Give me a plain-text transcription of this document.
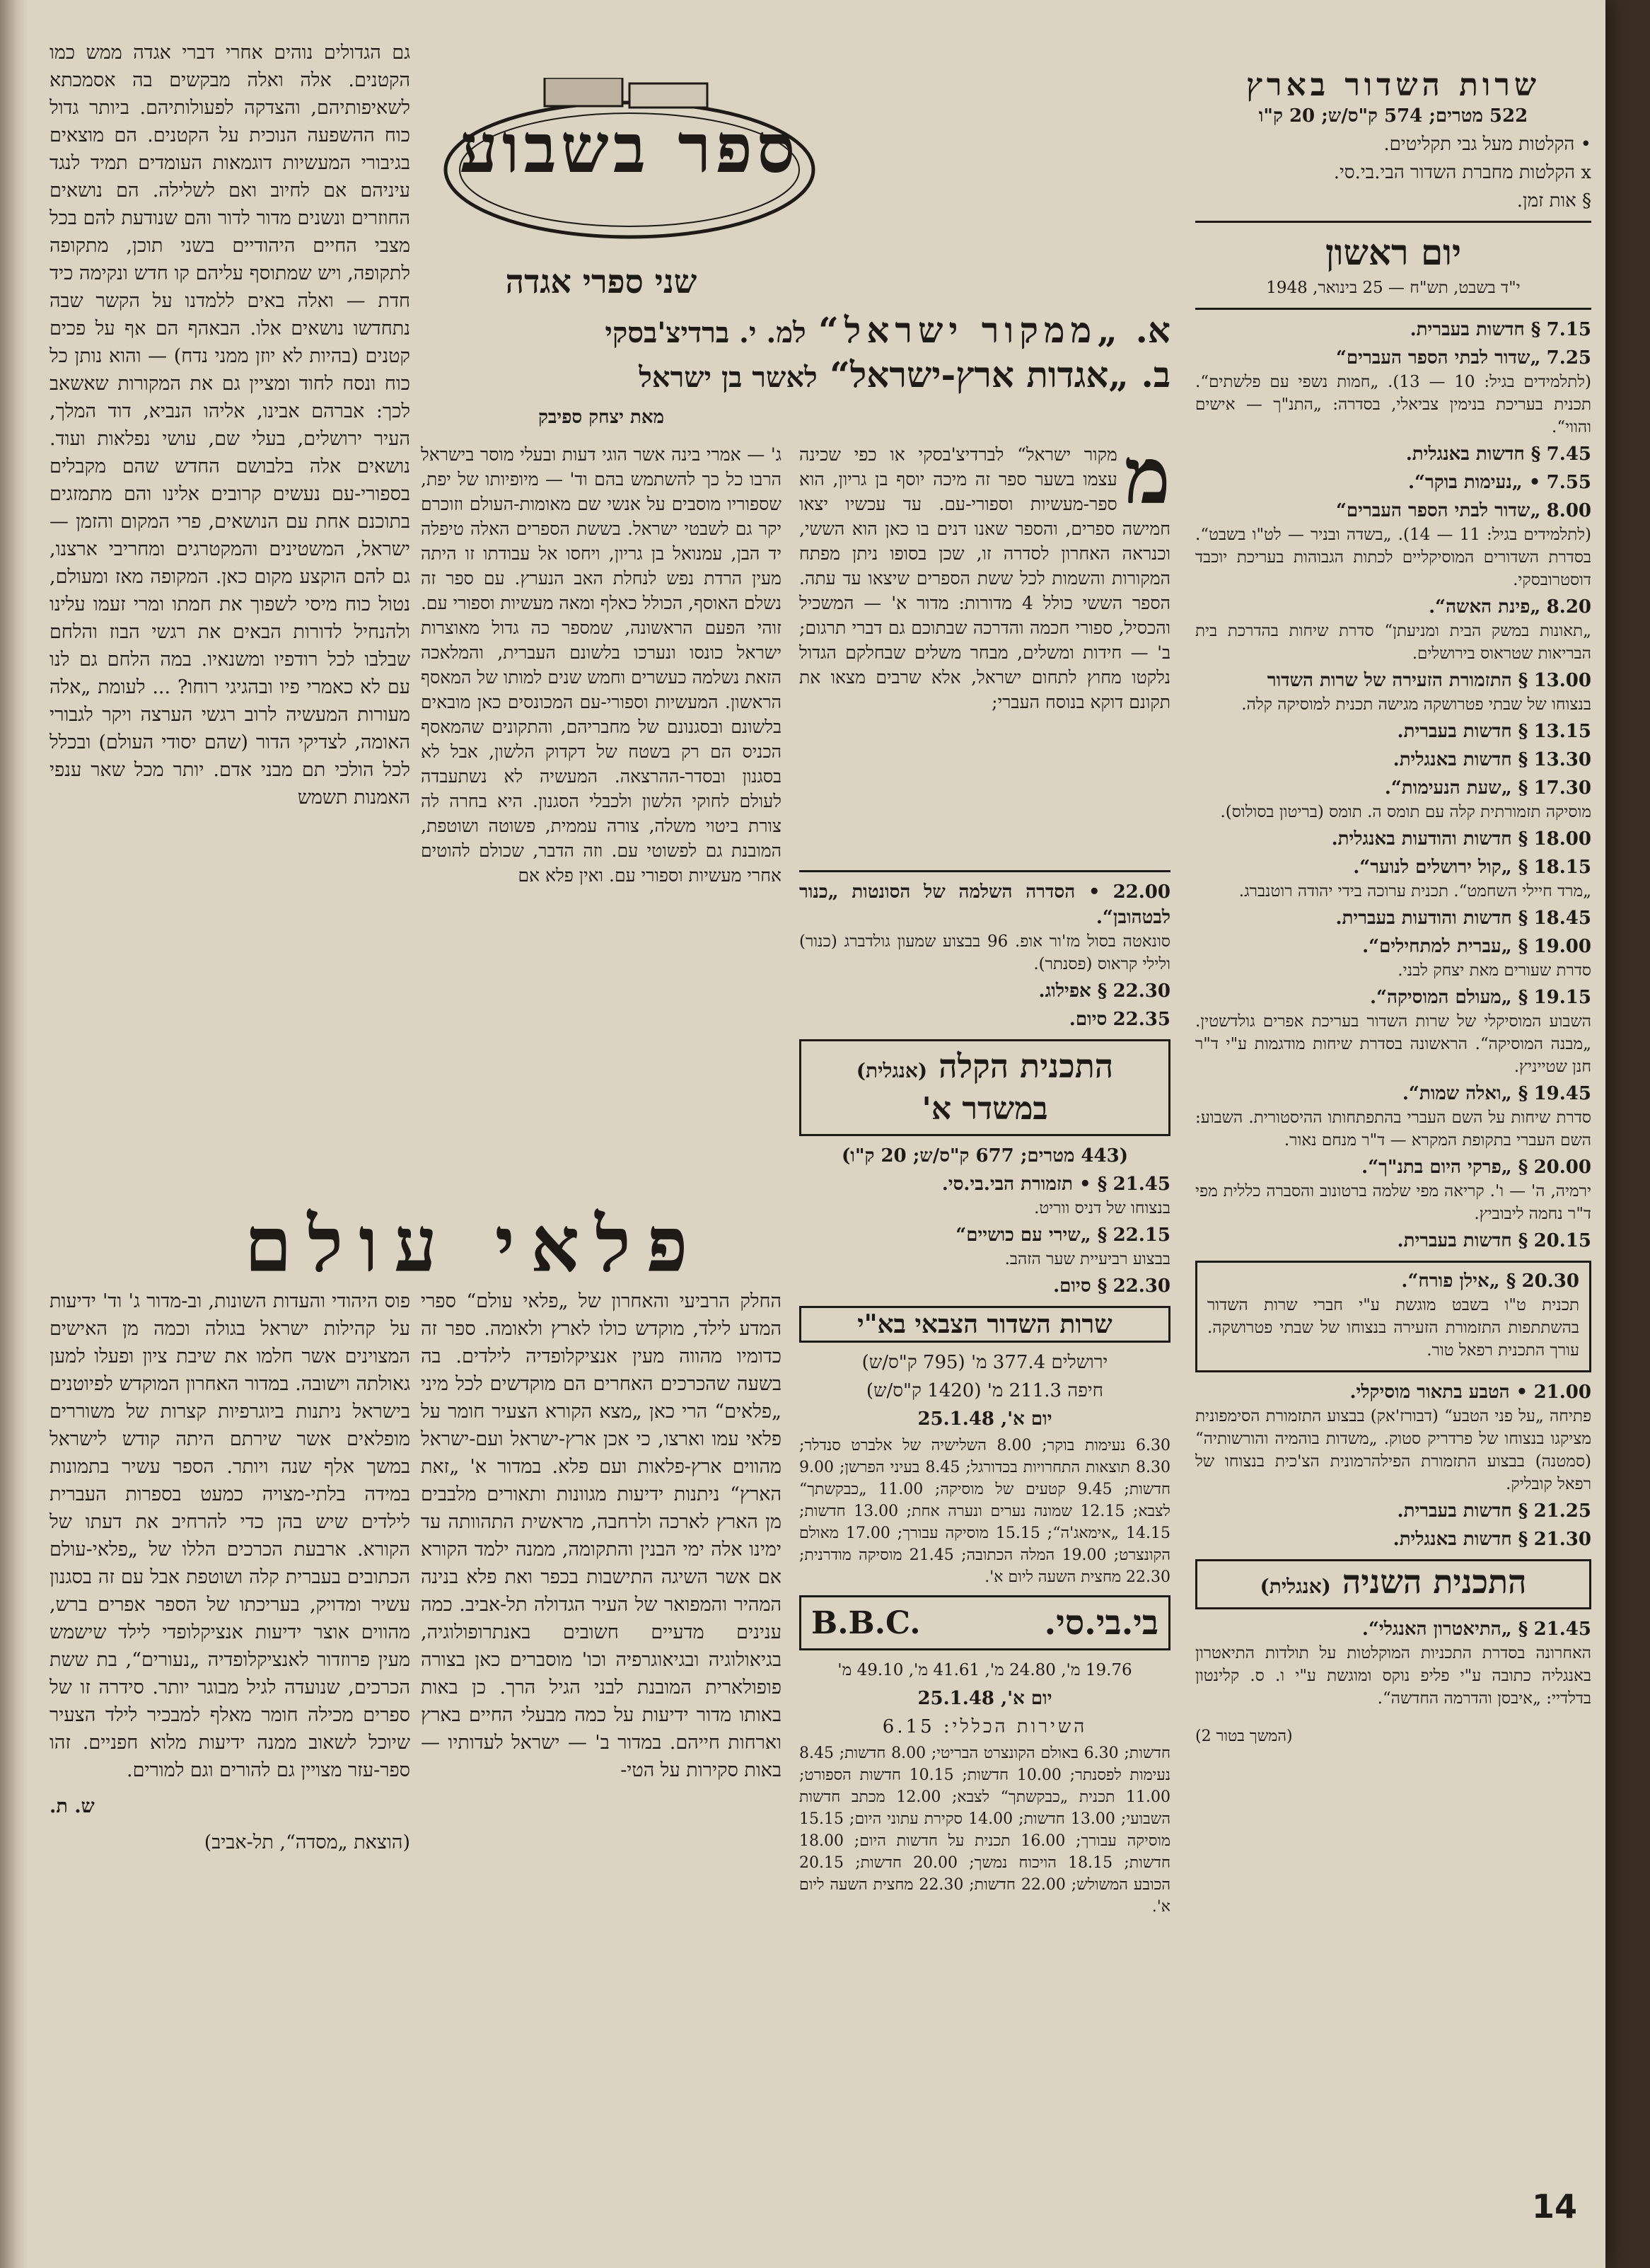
גם הגדולים נוהים אחרי דברי אגדה ממש כמו הקטנים. אלה ואלה מבקשים בה אסמכתא לשאיפותיהם, והצדקה לפעולותיהם. ביותר גדול כוח ההשפעה הנוכית על הקטנים. הם מוצאים בגיבורי המעשיות דוגמאות העומדים תמיד לנגד עיניהם אם לחיוב ואם לשלילה. הם נושאים החוזרים ונשנים מדור לדור והם שנודעת להם בכל מצבי החיים היהודיים בשני תוכן, מתקופה לתקופה, ויש שמתוסף עליהם קו חדש ונקימה כיד חדת — ואלה באים ללמדנו על הקשר שבה נתחדשו נושאים אלו. הבאהף הם אף על פכים קטנים (בהיות לא יוזן ממני נדח) — והוא נותן כל כוח ונסח לחוד ומציין גם את המקורות שאשאב לכך: אברהם אבינו, אליהו הנביא, דוד המלך, העיר ירושלים, בעלי שם, עושי נפלאות ועוד. נושאים אלה בלבושם החדש שהם מקבלים בספורי-עם נעשים קרובים אלינו והם מתמזגים בתוכנם אחת עם הנושאים, פרי המקום והזמן — ישראל, המשטינים והמקטרגים ומחריבי ארצנו, גם להם הוקצע מקום כאן. המקופה מאז ומעולם, נטול כוח מיסי לשפוך את חמתו ומרי זעמו עלינו ולהנחיל לדורות הבאים את רגשי הבוז והלחם שבלבו לכל רודפיו ומשנאיו. במה הלחם גם לנו עם לא כאמרי פיו ובהגיגי רוחו? ... לעומת „אלה מעורות המעשיה לרוב רגשי הערצה ויקר לגבורי האומה, לצדיקי הדור (שהם יסודי העולם) ובכלל לכל הולכי תם מבני אדם. יותר מכל שאר ענפי האמנות תשמש

ספר בשבוע
שני ספרי אגדה
א. „ממקור ישראל“ למ. י. ברדיצ'בסקי
ב. „אגדות ארץ-ישראל“ לאשר בן ישראל
מאת יצחק ספיבק

ג' — אמרי בינה אשר הוגי דעות ובעלי מוסר בישראל הרבו כל כך להשתמש בהם וד' — מיופיותו של יפת, שספוריו מוסבים על אנשי שם מאומות-העולם וזוכרם יקר גם לשבטי ישראל. בששת הספרים האלה טיפלה יד הבן, עמנואל בן גריון, ויחסו אל עבודתו זו היתה מעין הרדת נפש לנחלת האב הנערץ. עם ספר זה נשלם האוסף, הכולל כאלף ומאה מעשיות וספורי עם. זוהי הפעם הראשונה, שמספר כה גדול מאוצרות ישראל כונסו ונערכו בלשונם העברית, והמלאכה הזאת נשלמה כעשרים וחמש שנים למותו של המאסף הראשון. המעשיות וספורי-עם המכונסים כאן מובאים בלשונם ובסגנונם של מחבריהם, והתקונים שהמאסף הכניס הם רק בשטח של דקדוק הלשון, אבל לא בסגנון ובסדר-ההרצאה. המעשיה לא נשתעבדה לעולם לחוקי הלשון ולכבלי הסגנון. היא בחרה לה צורת ביטוי משלה, צורה עממית, פשוטה ושוטפת, המובנת גם לפשוטי עם. וזה הדבר, שכולם להוטים אחרי מעשיות וספורי עם. ואין פלא אם

מ
מקור ישראל“ לברדיצ'בסקי או כפי שכינה עצמו בשער ספר זה מיכה יוסף בן גריון, הוא ספר-מעשיות וספורי-עם. עד עכשיו יצאו חמישה ספרים, והספר שאנו דנים בו כאן הוא הששי, וכנראה האחרון לסדרה זו, שכן בסופו ניתן מפתח המקורות והשמות לכל ששת הספרים שיצאו עד עתה. הספר הששי כולל 4 מדורות: מדור א' — המשכיל והכסיל, ספורי חכמה והדרכה שבתוכם גם דברי תרגום; ב' — חידות ומשלים, מבחר משלים שבחלקם הגדול נלקטו מחוץ לתחום ישראל, אלא שרבים מצאו את תקונם דוקא בנוסח העברי;

22.00 • הסדרה השלמה של הסונטות „כנור לבטהובן“.
סונאטה בסול מז'ור אופ. 96 בבצוע שמעון גולדברג (כנור) ולילי קראוס (פסנתר).
22.30 § אפילוג.
22.35 סיום.
התכנית הקלה (אנגלית)
במשדר א'
(443 מטרים; 677 ק"ס/ש; 20 ק"ו)
21.45 § • תזמורת הבי.בי.סי.
בנצוחו של דניס ווריט.
22.15 § „שירי עם כושיים“
בבצוע רביעיית שער הזהב.
22.30 § סיום.
שרות השדור הצבאי בא"י
ירושלים 377.4 מ' (795 ק"ס/ש)
חיפה 211.3 מ' (1420 ק"ס/ש)
יום א', 25.1.48
6.30 נעימות בוקר; 8.00 השלישיה של אלברט סנדלר; 8.30 תוצאות התחרויות בכדורגל; 8.45 בעיני הפרשן; 9.00 חדשות; 9.45 קטעים של מוסיקה; 11.00 „כבקשתך“ לצבא; 12.15 שמונה נערים ונערה אחת; 13.00 חדשות; 14.15 „אימאג'ה“; 15.15 מוסיקה עבורך; 17.00 מאולם הקונצרט; 19.00 המלה הכתובה; 21.45 מוסיקה מודרנית; 22.30 מחצית השעה ליום א'.
בי.בי.סי.
B.B.C.
19.76 מ', 24.80 מ', 41.61 מ', 49.10 מ'
יום א', 25.1.48
השירות הכללי: 6.15
חדשות; 6.30 באולם הקונצרט הבריטי; 8.00 חדשות; 8.45 נעימות לפסנתר; 10.00 חדשות; 10.15 חדשות הספורט; 11.00 תכנית „כבקשתך“ לצבא; 12.00 מכתב חדשות השבועי; 13.00 חדשות; 14.00 סקירת עתוני היום; 15.15 מוסיקה עבורך; 16.00 תכנית על חדשות היום; 18.00 חדשות; 18.15 הויכוח נמשך; 20.00 חדשות; 20.15 הכובע המשולש; 22.00 חדשות; 22.30 מחצית השעה ליום א'.
פלאי עולם

החלק הרביעי והאחרון של „פלאי עולם“ ספרי המדע לילד, מוקדש כולו לארץ ולאומה. ספר זה כדומיו מהווה מעין אנציקלופדיה לילדים. בה בשעה שהכרכים האחרים הם מוקדשים לכל מיני „פלאים“ הרי כאן „מצא הקורא הצעיר חומר על פלאי עמו וארצו, כי אכן ארץ-ישראל ועם-ישראל מהווים ארץ-פלאות ועם פלא. במדור א' „זאת הארץ“ ניתנות ידיעות מגוונות ותאורים מלבבים מן הארץ לארכה ולרחבה, מראשית התהוותה עד ימינו אלה ימי הבנין והתקומה, ממנה ילמד הקורא אם אשר השיגה התישבות בכפר ואת פלא בנינה המהיר והמפואר של העיר הגדולה תל-אביב. כמה ענינים מדעיים חשובים באנתרופולוגיה, בגיאולוגיה ובגיאוגרפיה וכו' מוסברים כאן בצורה פופולארית המובנת לבני הגיל הרך. כן באות באותו מדור ידיעות על כמה מבעלי החיים בארץ וארחות חייהם. במדור ב' — ישראל לעדותיו — באות סקירות על הטי-

פוס היהודי והעדות השונות, וב-מדור ג' וד' ידיעות על קהילות ישראל בגולה וכמה מן האישים המצוינים אשר חלמו את שיבת ציון ופעלו למען גאולתה וישובה. במדור האחרון המוקדש לפיוטנים בישראל ניתנות ביוגרפיות קצרות של משוררים מופלאים אשר שירתם היתה קודש לישראל במשך אלף שנה ויותר. הספר עשיר בתמונות במידה בלתי-מצויה כמעט בספרות העברית לילדים שיש בהן כדי להרחיב את דעתו של הקורא. ארבעת הכרכים הללו של „פלאי-עולם הכתובים בעברית קלה ושוטפת אבל עם זה בסגנון עשיר ומדויק, בעריכתו של הספר אפרים ברש, מהווים אוצר ידיעות אנציקלופדי לילד שישמש מעין פרוזדור לאנציקלופדיה „נעורים“, בת ששת הכרכים, שנועדה לגיל מבוגר יותר. סידרה זו של ספרים מכילה חומר מאלף למבכיר לילד הצעיר שיוכל לשאוב ממנה ידיעות מלוא חפניים. זהו ספר-עזר מצויין גם להורים וגם למורים.

ש. ת.
(הוצאת „מסדה“, תל-אביב)
שרות השדור בארץ
522 מטרים; 574 ק"ס/ש; 20 ק"ו
• הקלטות מעל גבי תקליטים.
x הקלטות מחברת השדור הבי.בי.סי.
§ אות זמן.
יום ראשון
י"ד בשבט, תש"ח — 25 בינואר, 1948
7.15 § חדשות בעברית.
7.25 „שדור לבתי הספר העברים“
(לתלמידים בגיל: 10 — 13). „חמות נשפי עם פלשתים“. תכנית בעריכת בנימין צביאלי, בסדרה: „התנ"ך — אישים והווי“.
7.45 § חדשות באנגלית.
7.55 • „נעימות בוקר“.
8.00 „שדור לבתי הספר העברים“
(לתלמידים בגיל: 11 — 14). „בשדה ובניר — לט"ו בשבט“. בסדרת השדורים המוסיקליים לכתות הגבוהות בעריכת יוכבד דוסטרובסקי.
8.20 „פינת האשה“.
„תאונות במשק הבית ומניעתן“ סדרת שיחות בהדרכת בית הבריאות שטראוס בירושלים.
13.00 § התזמורת הזעירה של שרות השדור
בנצוחו של שבתי פטרושקה מגישה תכנית למוסיקה קלה.
13.15 § חדשות בעברית.
13.30 § חדשות באנגלית.
17.30 § „שעת הנעימות“.
מוסיקה תזמורתית קלה עם תומס ה. תומס (בריטון בסולוס).
18.00 § חדשות והודעות באנגלית.
18.15 § „קול ירושלים לנוער“.
„מרד חיילי השחמט“. תכנית ערוכה בידי יהודה רוטנברג.
18.45 § חדשות והודעות בעברית.
19.00 § „עברית למתחילים“.
סדרת שעורים מאת יצחק לבני.
19.15 § „מעולם המוסיקה“.
השבוע המוסיקלי של שרות השדור בעריכת אפרים גולדשטין. „מבנה המוסיקה“. הראשונה בסדרת שיחות מודגמות ע"י ד"ר חנן שטייניץ.
19.45 § „ואלה שמות“.
סדרת שיחות על השם העברי בהתפתחותו ההיסטורית. השבוע: השם העברי בתקופת המקרא — ד"ר מנחם נאור.
20.00 § „פרקי היום בתנ"ך“.
ירמיה, ה' — ו'. קריאה מפי שלמה ברטונוב והסברה כללית מפי ד"ר נחמה ליבוביץ.
20.15 § חדשות בעברית.
20.30 § „אילן פורח“.
תכנית ט"ו בשבט מוגשת ע"י חברי שרות השדור בהשתתפות התזמורת הזעירה בנצוחו של שבתי פטרושקה. עורך התכנית רפאל טור.
21.00 • הטבע בתאור מוסיקלי.
פתיחה „על פני הטבע“ (דבורז'אק) בבצוע התזמורת הסימפונית מציקגו בנצוחו של פרדריק סטוק. „משדות בוהמיה והורשותיה“ (סמטנה) בבצוע התזמורת הפילהרמונית הצ'כית בנצוחו של רפאל קובליק.
21.25 § חדשות בעברית.
21.30 § חדשות באנגלית.
התכנית השניה (אנגלית)
21.45 § „התיאטרון האנגלי“.
האחרונה בסדרת התכניות המוקלטות על תולדות התיאטרון באנגליה כתובה ע"י פליפ נוקס ומוגשת ע"י ו. ס. קלינטון בדלדיי: „איבסן והדרמה החדשה“.
(המשך בטור 2)
14
